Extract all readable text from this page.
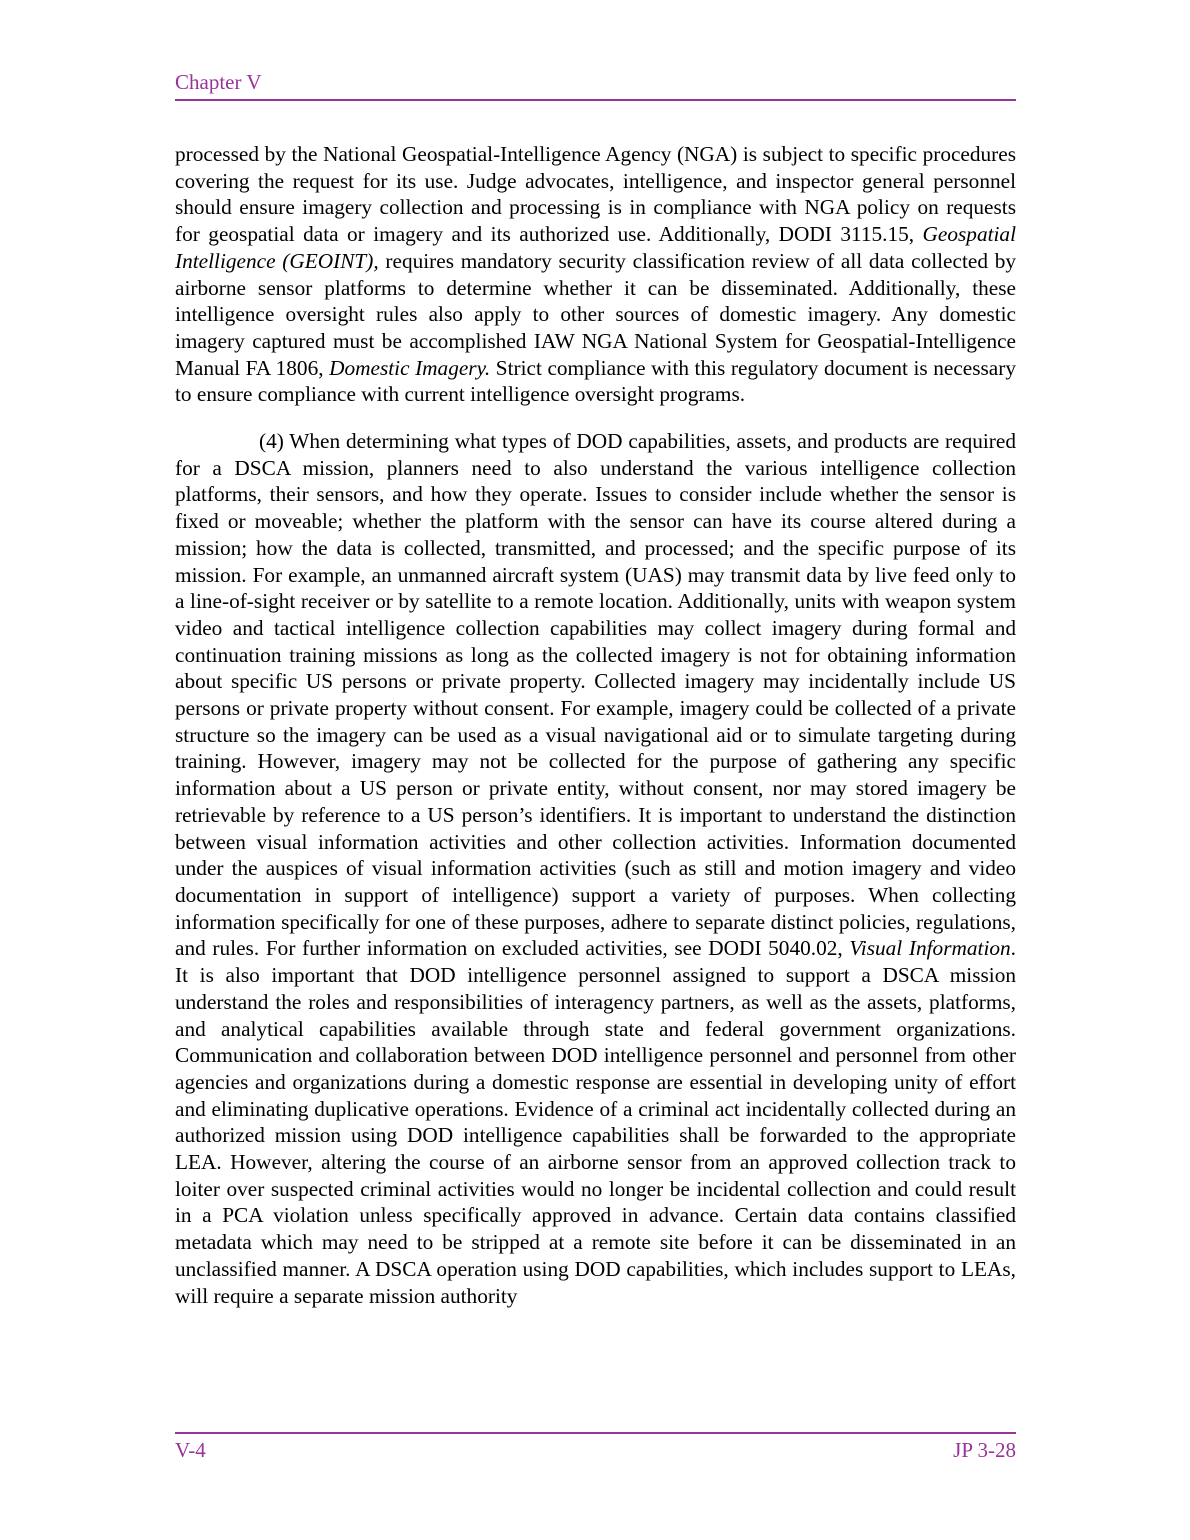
Chapter V

processed by the National Geospatial-Intelligence Agency (NGA) is subject to specific procedures covering the request for its use. Judge advocates, intelligence, and inspector general personnel should ensure imagery collection and processing is in compliance with NGA policy on requests for geospatial data or imagery and its authorized use. Additionally, DODI 3115.15, Geospatial Intelligence (GEOINT), requires mandatory security classification review of all data collected by airborne sensor platforms to determine whether it can be disseminated. Additionally, these intelligence oversight rules also apply to other sources of domestic imagery. Any domestic imagery captured must be accomplished IAW NGA National System for Geospatial-Intelligence Manual FA 1806, Domestic Imagery. Strict compliance with this regulatory document is necessary to ensure compliance with current intelligence oversight programs.

(4) When determining what types of DOD capabilities, assets, and products are required for a DSCA mission, planners need to also understand the various intelligence collection platforms, their sensors, and how they operate. Issues to consider include whether the sensor is fixed or moveable; whether the platform with the sensor can have its course altered during a mission; how the data is collected, transmitted, and processed; and the specific purpose of its mission. For example, an unmanned aircraft system (UAS) may transmit data by live feed only to a line-of-sight receiver or by satellite to a remote location. Additionally, units with weapon system video and tactical intelligence collection capabilities may collect imagery during formal and continuation training missions as long as the collected imagery is not for obtaining information about specific US persons or private property. Collected imagery may incidentally include US persons or private property without consent. For example, imagery could be collected of a private structure so the imagery can be used as a visual navigational aid or to simulate targeting during training. However, imagery may not be collected for the purpose of gathering any specific information about a US person or private entity, without consent, nor may stored imagery be retrievable by reference to a US person’s identifiers. It is important to understand the distinction between visual information activities and other collection activities. Information documented under the auspices of visual information activities (such as still and motion imagery and video documentation in support of intelligence) support a variety of purposes. When collecting information specifically for one of these purposes, adhere to separate distinct policies, regulations, and rules. For further information on excluded activities, see DODI 5040.02, Visual Information. It is also important that DOD intelligence personnel assigned to support a DSCA mission understand the roles and responsibilities of interagency partners, as well as the assets, platforms, and analytical capabilities available through state and federal government organizations. Communication and collaboration between DOD intelligence personnel and personnel from other agencies and organizations during a domestic response are essential in developing unity of effort and eliminating duplicative operations. Evidence of a criminal act incidentally collected during an authorized mission using DOD intelligence capabilities shall be forwarded to the appropriate LEA. However, altering the course of an airborne sensor from an approved collection track to loiter over suspected criminal activities would no longer be incidental collection and could result in a PCA violation unless specifically approved in advance. Certain data contains classified metadata which may need to be stripped at a remote site before it can be disseminated in an unclassified manner. A DSCA operation using DOD capabilities, which includes support to LEAs, will require a separate mission authority

V-4	JP 3-28
